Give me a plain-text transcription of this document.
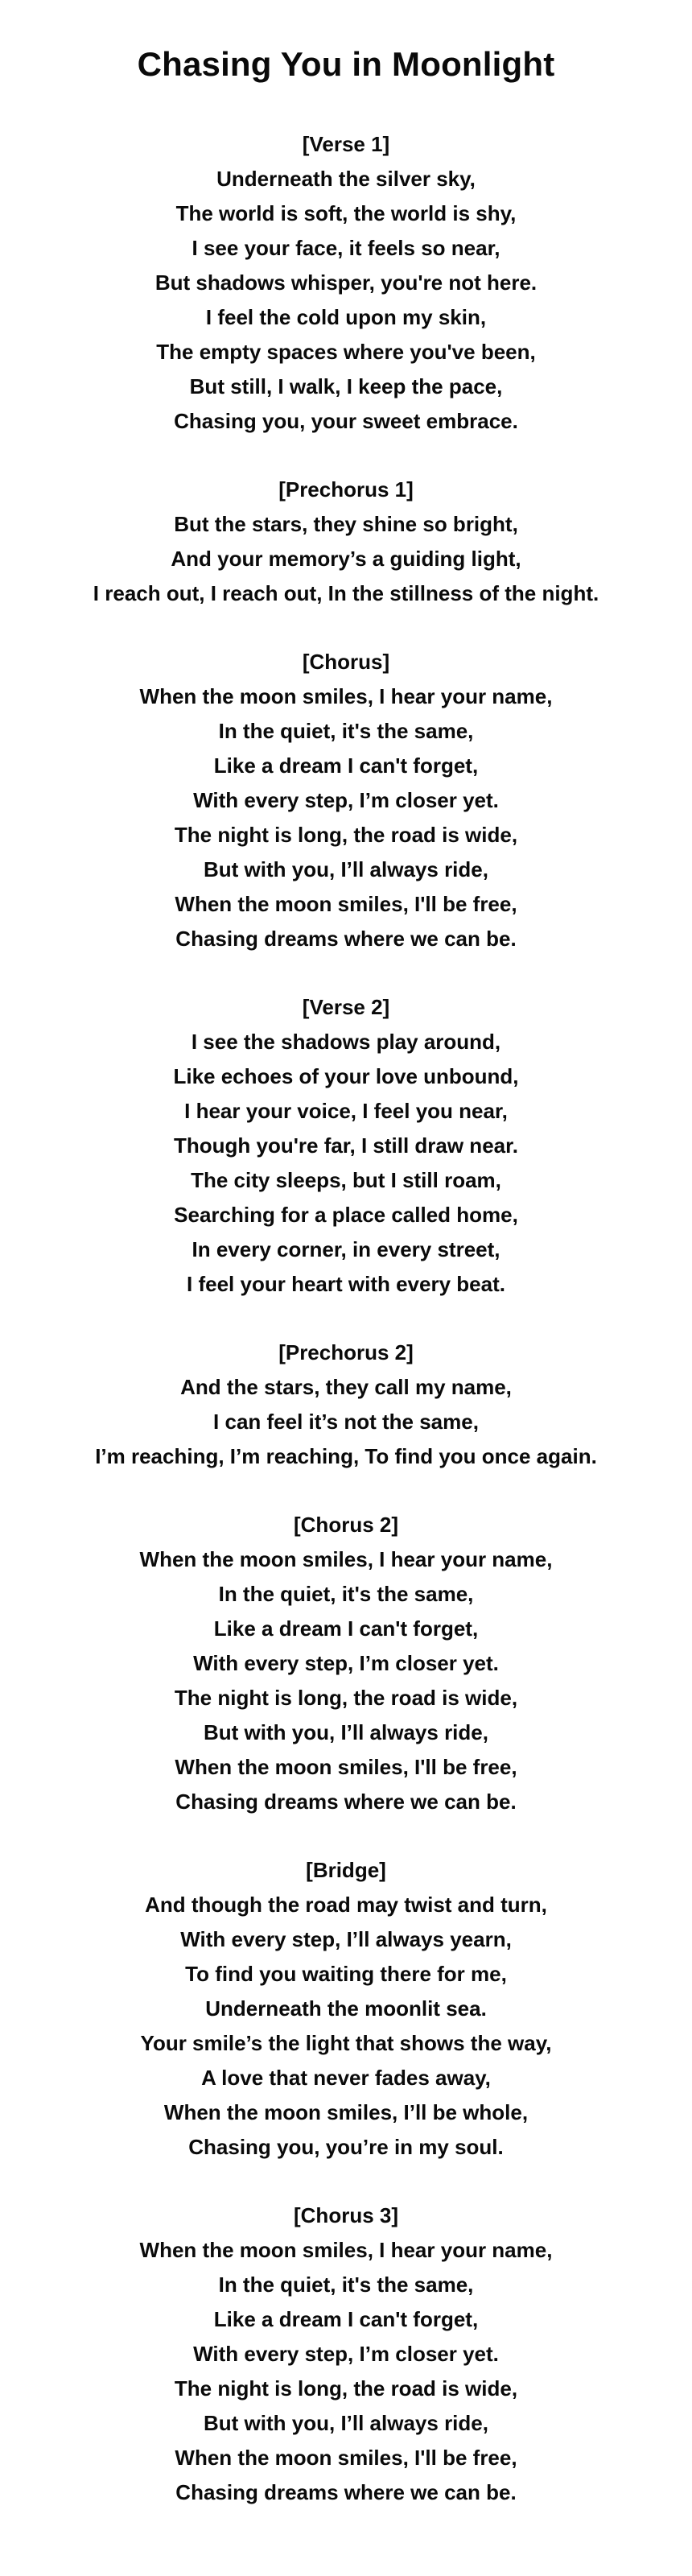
Chasing You in Moonlight

[Verse 1]

Underneath the silver sky,

The world is soft, the world is shy,

I see your face, it feels so near,

But shadows whisper, you're not here.

I feel the cold upon my skin,

The empty spaces where you've been,

But still, I walk, I keep the pace,

Chasing you, your sweet embrace.

[Prechorus 1]

But the stars, they shine so bright,

And your memory’s a guiding light,

I reach out, I reach out, In the stillness of the night.

[Chorus]

When the moon smiles, I hear your name,

In the quiet, it's the same,

Like a dream I can't forget,

With every step, I’m closer yet.

The night is long, the road is wide,

But with you, I’ll always ride,

When the moon smiles, I'll be free,

Chasing dreams where we can be.

[Verse 2]

I see the shadows play around,

Like echoes of your love unbound,

I hear your voice, I feel you near,

Though you're far, I still draw near.

The city sleeps, but I still roam,

Searching for a place called home,

In every corner, in every street,

I feel your heart with every beat.

[Prechorus 2]

And the stars, they call my name,

I can feel it’s not the same,

I’m reaching, I’m reaching, To find you once again.

[Chorus 2]

When the moon smiles, I hear your name,

In the quiet, it's the same,

Like a dream I can't forget,

With every step, I’m closer yet.

The night is long, the road is wide,

But with you, I’ll always ride,

When the moon smiles, I'll be free,

Chasing dreams where we can be.

[Bridge]

And though the road may twist and turn,

With every step, I’ll always yearn,

To find you waiting there for me,

Underneath the moonlit sea.

Your smile’s the light that shows the way,

A love that never fades away,

When the moon smiles, I’ll be whole,

Chasing you, you’re in my soul.

[Chorus 3]

When the moon smiles, I hear your name,

In the quiet, it's the same,

Like a dream I can't forget,

With every step, I’m closer yet.

The night is long, the road is wide,

But with you, I’ll always ride,

When the moon smiles, I'll be free,

Chasing dreams where we can be.
